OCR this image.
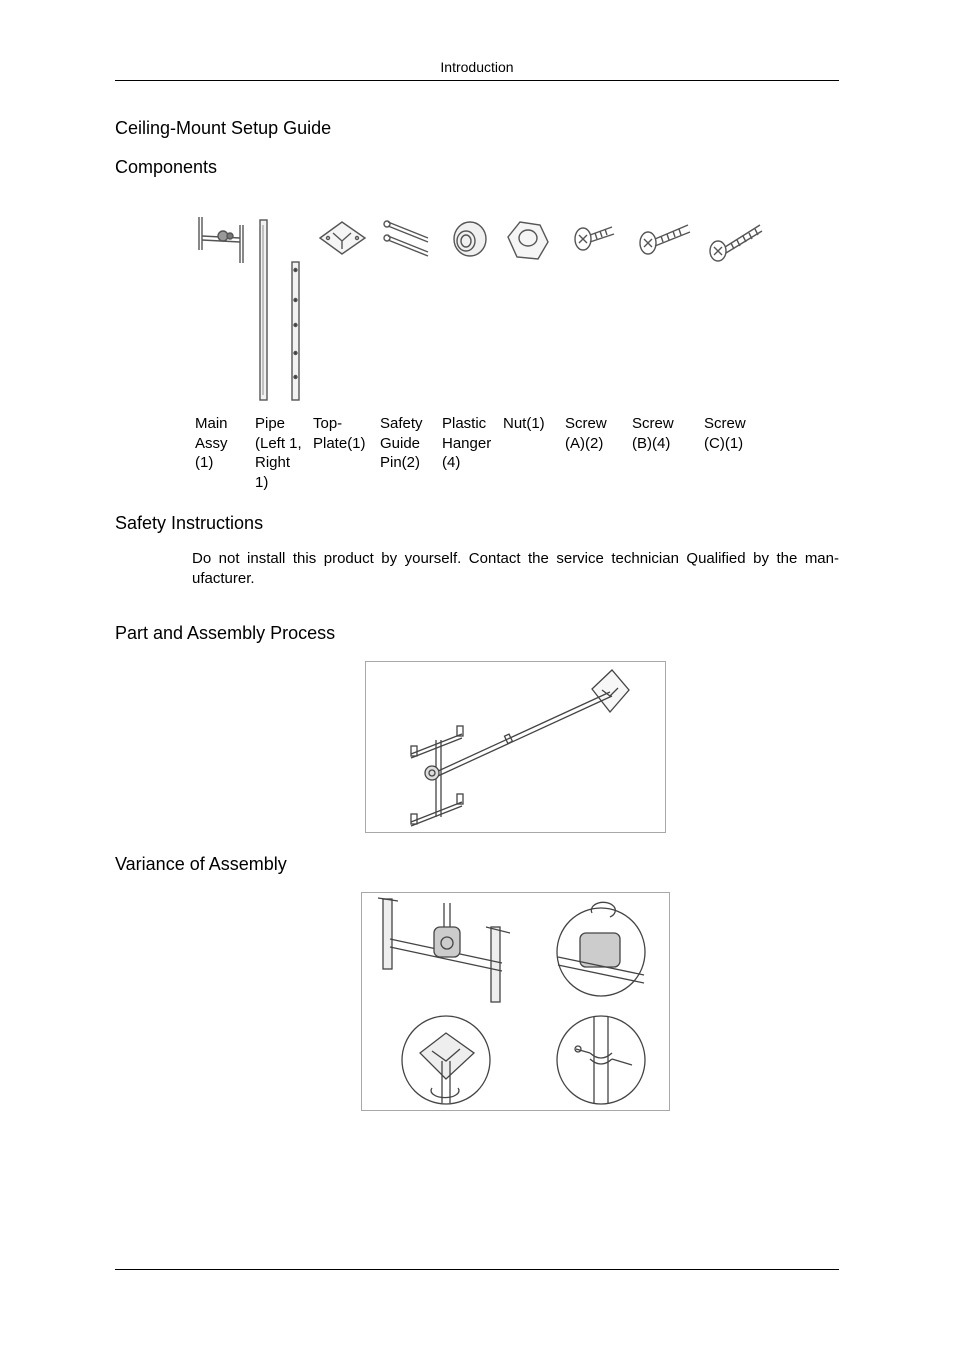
Introduction
Ceiling-Mount Setup Guide
Components
Main
Assy
(1)
Pipe
(Left 1,
Right
1)
Top-
Plate(1)
Safety
Guide
Pin(2)
Plastic
Hanger
(4)
Nut(1) Screw
(A)(2)
Screw
(B)(4)
Screw
(C)(1)
Safety Instructions

Do not install this product by yourself. Contact the service technician Qualified by the man-ufacturer.

Part and Assembly Process
Variance of Assembly
